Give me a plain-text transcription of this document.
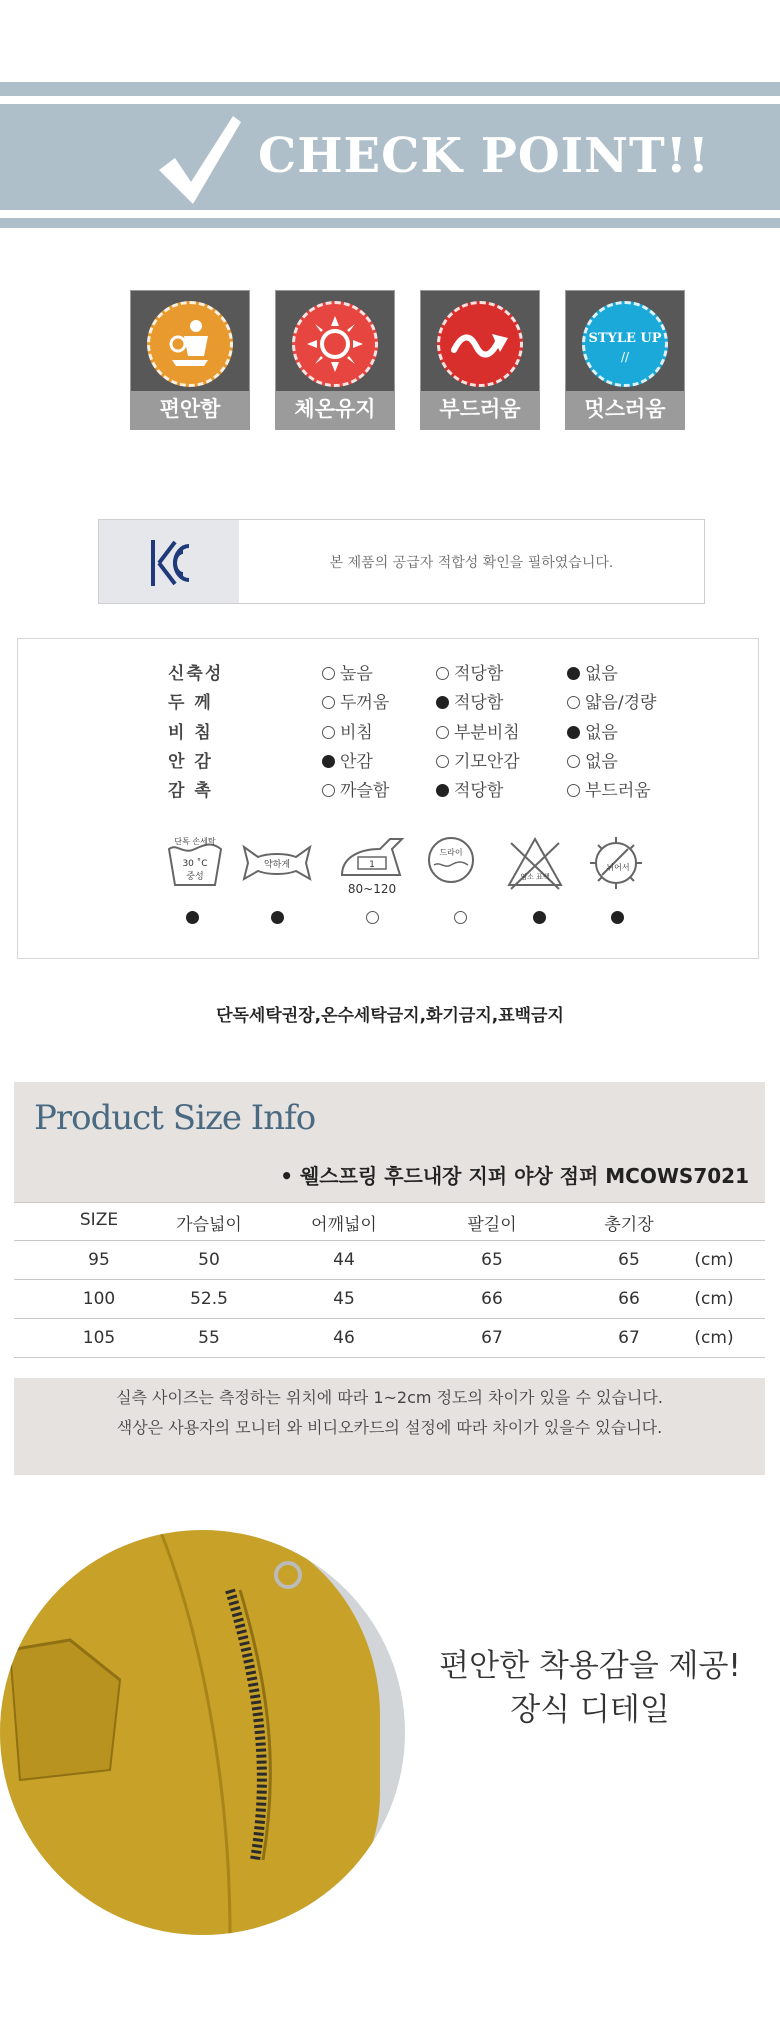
CHECK POINT!!
편안함	체온유지	부드러움
STYLE UP
//
멋스러움
본 제품의 공급자 적합성 확인을 필하였습니다.
신축성	높음	적당함	없음
두 께	두꺼움	적당함	얇음/경량
비 침	비침	부분비침	없음
안 감	안감	기모안감	없음
감 촉	까슬함	적당함	부드러움
단독 손세탁
30 ˚C
중성
약하게	1
80~120
드라이
염소 표백
뉘어서
단독세탁권장,온수세탁금지,화기금지,표백금지
Product Size Info
• 웰스프링 후드내장 지퍼 야상 점퍼 MCOWS7021
SIZE	가슴넓이	어깨넓이	팔길이	총기장
95	50	44	65	65	(cm)
100	52.5	45	66	66	(cm)
105	55	46	67	67	(cm)
실측 사이즈는 측정하는 위치에 따라 1~2cm 정도의 차이가 있을 수 있습니다.
색상은 사용자의 모니터 와 비디오카드의 설정에 따라 차이가 있을수 있습니다.
편안한 착용감을 제공!
장식 디테일
